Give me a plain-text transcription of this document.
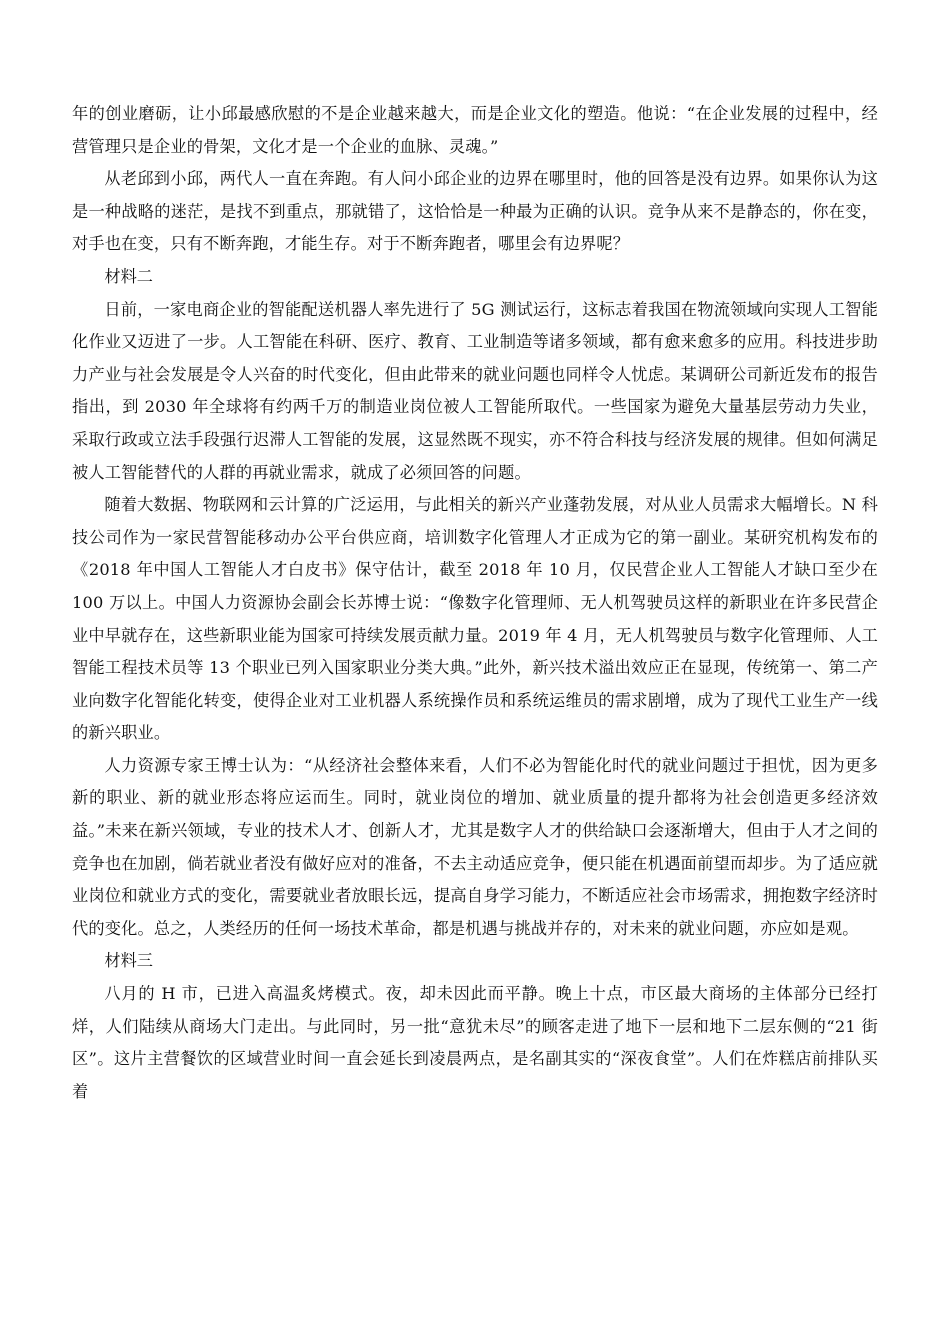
年的创业磨砺，让小邱最感欣慰的不是企业越来越大，而是企业文化的塑造。他说：“在企业发展的过程中，经营管理只是企业的骨架，文化才是一个企业的血脉、灵魂。”

从老邱到小邱，两代人一直在奔跑。有人问小邱企业的边界在哪里时，他的回答是没有边界。如果你认为这是一种战略的迷茫，是找不到重点，那就错了，这恰恰是一种最为正确的认识。竞争从来不是静态的，你在变，对手也在变，只有不断奔跑，才能生存。对于不断奔跑者，哪里会有边界呢？

材料二

日前，一家电商企业的智能配送机器人率先进行了 5G 测试运行，这标志着我国在物流领域向实现人工智能化作业又迈进了一步。人工智能在科研、医疗、教育、工业制造等诸多领域，都有愈来愈多的应用。科技进步助力产业与社会发展是令人兴奋的时代变化，但由此带来的就业问题也同样令人忧虑。某调研公司新近发布的报告指出，到 2030 年全球将有约两千万的制造业岗位被人工智能所取代。一些国家为避免大量基层劳动力失业，采取行政或立法手段强行迟滞人工智能的发展，这显然既不现实，亦不符合科技与经济发展的规律。但如何满足被人工智能替代的人群的再就业需求，就成了必须回答的问题。

随着大数据、物联网和云计算的广泛运用，与此相关的新兴产业蓬勃发展，对从业人员需求大幅增长。N 科技公司作为一家民营智能移动办公平台供应商，培训数字化管理人才正成为它的第一副业。某研究机构发布的《2018 年中国人工智能人才白皮书》保守估计，截至 2018 年 10 月，仅民营企业人工智能人才缺口至少在 100 万以上。中国人力资源协会副会长苏博士说：“像数字化管理师、无人机驾驶员这样的新职业在许多民营企业中早就存在，这些新职业能为国家可持续发展贡献力量。2019 年 4 月，无人机驾驶员与数字化管理师、人工智能工程技术员等 13 个职业已列入国家职业分类大典。”此外，新兴技术溢出效应正在显现，传统第一、第二产业向数字化智能化转变，使得企业对工业机器人系统操作员和系统运维员的需求剧增，成为了现代工业生产一线的新兴职业。

人力资源专家王博士认为：“从经济社会整体来看，人们不必为智能化时代的就业问题过于担忧，因为更多新的职业、新的就业形态将应运而生。同时，就业岗位的增加、就业质量的提升都将为社会创造更多经济效益。”未来在新兴领域，专业的技术人才、创新人才，尤其是数字人才的供给缺口会逐渐增大，但由于人才之间的竞争也在加剧，倘若就业者没有做好应对的准备，不去主动适应竞争，便只能在机遇面前望而却步。为了适应就业岗位和就业方式的变化，需要就业者放眼长远，提高自身学习能力，不断适应社会市场需求，拥抱数字经济时代的变化。总之，人类经历的任何一场技术革命，都是机遇与挑战并存的，对未来的就业问题，亦应如是观。

材料三

八月的 H 市，已进入高温炙烤模式。夜，却未因此而平静。晚上十点，市区最大商场的主体部分已经打烊，人们陆续从商场大门走出。与此同时，另一批“意犹未尽”的顾客走进了地下一层和地下二层东侧的“21 街区”。这片主营餐饮的区域营业时间一直会延长到凌晨两点，是名副其实的“深夜食堂”。人们在炸糕店前排队买着
